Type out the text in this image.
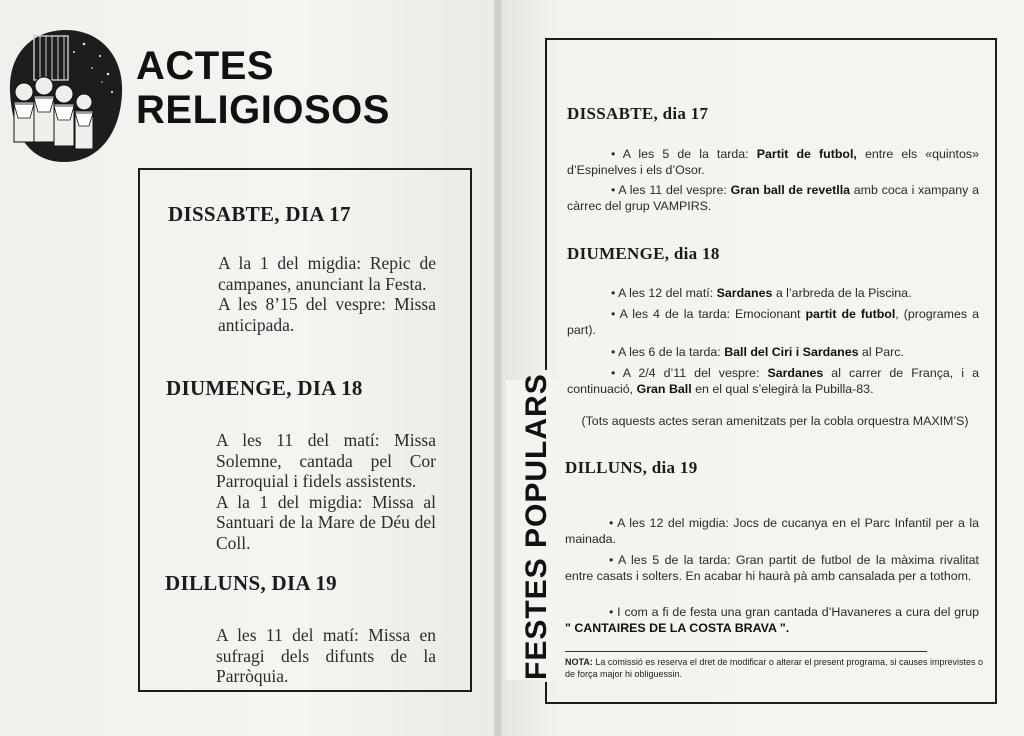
ACTES
RELIGIOSOS
DISSABTE, DIA 17

A la 1 del migdia: Repic de campanes, anunciant la Festa.

A les 8’15 del vespre: Missa anticipada.

DIUMENGE, DIA 18

A les 11 del matí: Missa Solemne, cantada pel Cor Parroquial i fidels assistents.

A la 1 del migdia: Missa al Santuari de la Mare de Déu del Coll.

DILLUNS, DIA 19

A les 11 del matí: Missa en sufragi dels difunts de la Parròquia.	FESTES POPULARS
DISSABTE, dia 17

• A les 5 de la tarda: Partit de futbol, entre els «quintos» d’Espinelves i els d’Osor.

• A les 11 del vespre: Gran ball de revetlla amb coca i xampany a càrrec del grup VAMPIRS.

DIUMENGE, dia 18

• A les 12 del matí: Sardanes a l’arbreda de la Piscina.

• A les 4 de la tarda: Emocionant partit de futbol, (programes a part).

• A les 6 de la tarda: Ball del Ciri i Sardanes al Parc.

• A 2/4 d’11 del vespre: Sardanes al carrer de França, i a continuació, Gran Ball en el qual s’elegirà la Pubilla-83.

(Tots aquests actes seran amenitzats per la cobla orquestra MAXIM’S)

DILLUNS, dia 19

• A les 12 del migdia: Jocs de cucanya en el Parc Infantil per a la mainada.

• A les 5 de la tarda: Gran partit de futbol de la màxima rivalitat entre casats i solters. En acabar hi haurà pà amb cansalada per a tothom.

• I com a fi de festa una gran cantada d’Havaneres a cura del grup " CANTAIRES DE LA COSTA BRAVA ".

NOTA: La comissió es reserva el dret de modificar o alterar el present programa, si causes imprevistes o de força major hi obliguessin.
